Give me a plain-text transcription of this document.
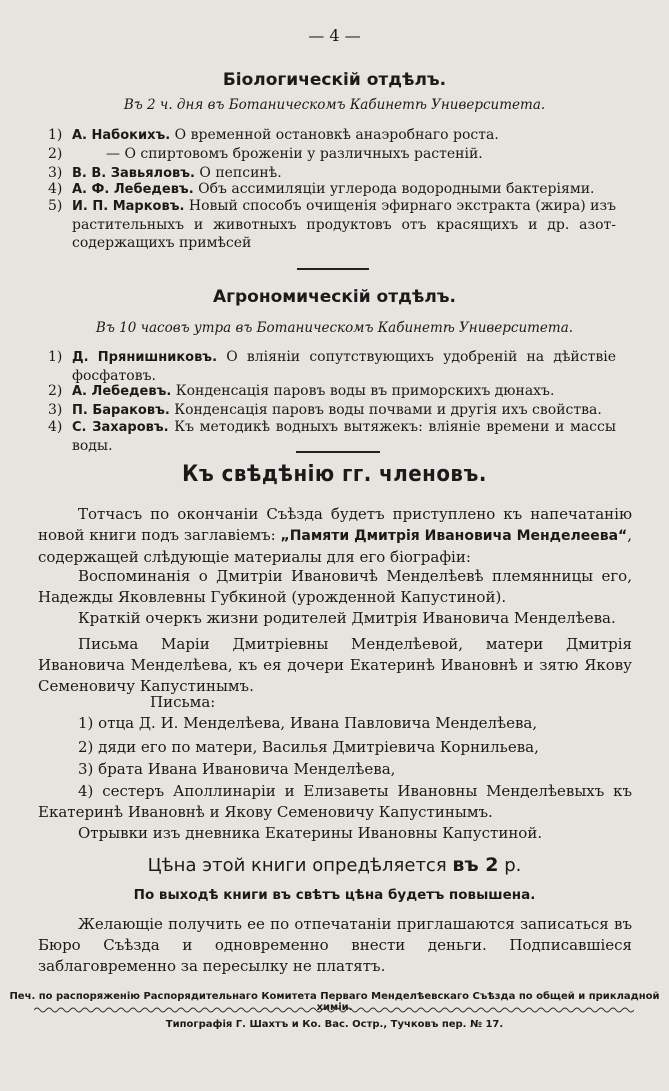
— 4 —
Біологическій отдѣлъ.
Въ 2 ч. дня въ Ботаническомъ Кабинетѣ Университета.
1) А. Набокихъ. О временной остановкѣ анаэробнаго роста.
2)	— О спиртовомъ броженіи у различныхъ растеній.
3) В. В. Завьяловъ. О пепсинѣ.
4) А. Ф. Лебедевъ. Объ ассимиляціи углерода водородными бактеріями.
5) И. П. Марковъ. Новый способъ очищенія эфирнаго экстракта (жира) изъ растительныхъ и животныхъ продуктовъ отъ красящихъ и др. азот-содержащихъ примѣсей
Агрономическій отдѣлъ.
Въ 10 часовъ утра въ Ботаническомъ Кабинетѣ Университета.
1) Д. Прянишниковъ. О вліяніи сопутствующихъ удобреній на дѣйствіе фосфатовъ.
2) А. Лебедевъ. Конденсація паровъ воды въ приморскихъ дюнахъ.
3) П. Бараковъ. Конденсація паровъ воды почвами и другія ихъ свойства.
4) С. Захаровъ. Къ методикѣ водныхъ вытяжекъ: вліяніе времени и массы воды.
Къ свѣдѣнію гг. членовъ.
Тотчасъ по окончаніи Съѣзда будетъ приступлено къ напечатанію новой книги подъ заглавіемъ: „Памяти Дмитрія Ивановича Менделеева“, содержащей слѣдующіе материалы для его біографіи:
Воспоминанія о Дмитріи Ивановичѣ Менделѣевѣ племянницы его, Надежды Яковлевны Губкиной (урожденной Капустиной).
Краткій очеркъ жизни родителей Дмитрія Ивановича Менделѣева.
Письма Маріи Дмитріевны Менделѣевой, матери Дмитрія Ивановича Менделѣева, къ ея дочери Екатеринѣ Ивановнѣ и зятю Якову Семеновичу Капустинымъ.
Письма:
1) отца Д. И. Менделѣева, Ивана Павловича Менделѣева,
2) дяди его по матери, Василья Дмитріевича Корнильева,
3) брата Ивана Ивановича Менделѣева,
4) сестеръ Аполлинаріи и Елизаветы Ивановны Менделѣевыхъ къ Екатеринѣ Ивановнѣ и Якову Семеновичу Капустинымъ.
Отрывки изъ дневника Екатерины Ивановны Капустиной.
Цѣна этой книги опредѣляется въ 2 р.
По выходѣ книги въ свѣтъ цѣна будетъ повышена.
Желающіе получить ее по отпечатаніи приглашаются записаться въ Бюро Съѣзда и одновременно внести деньги. Подписавшіеся заблаговременно за пересылку не платятъ.
Печ. по распоряженію Распорядительнаго Комитета Перваго Менделѣевскаго Съѣзда по общей и прикладной химіи.
Типографія Г. Шахтъ и Ко. Вас. Остр., Тучковъ пер. № 17.
